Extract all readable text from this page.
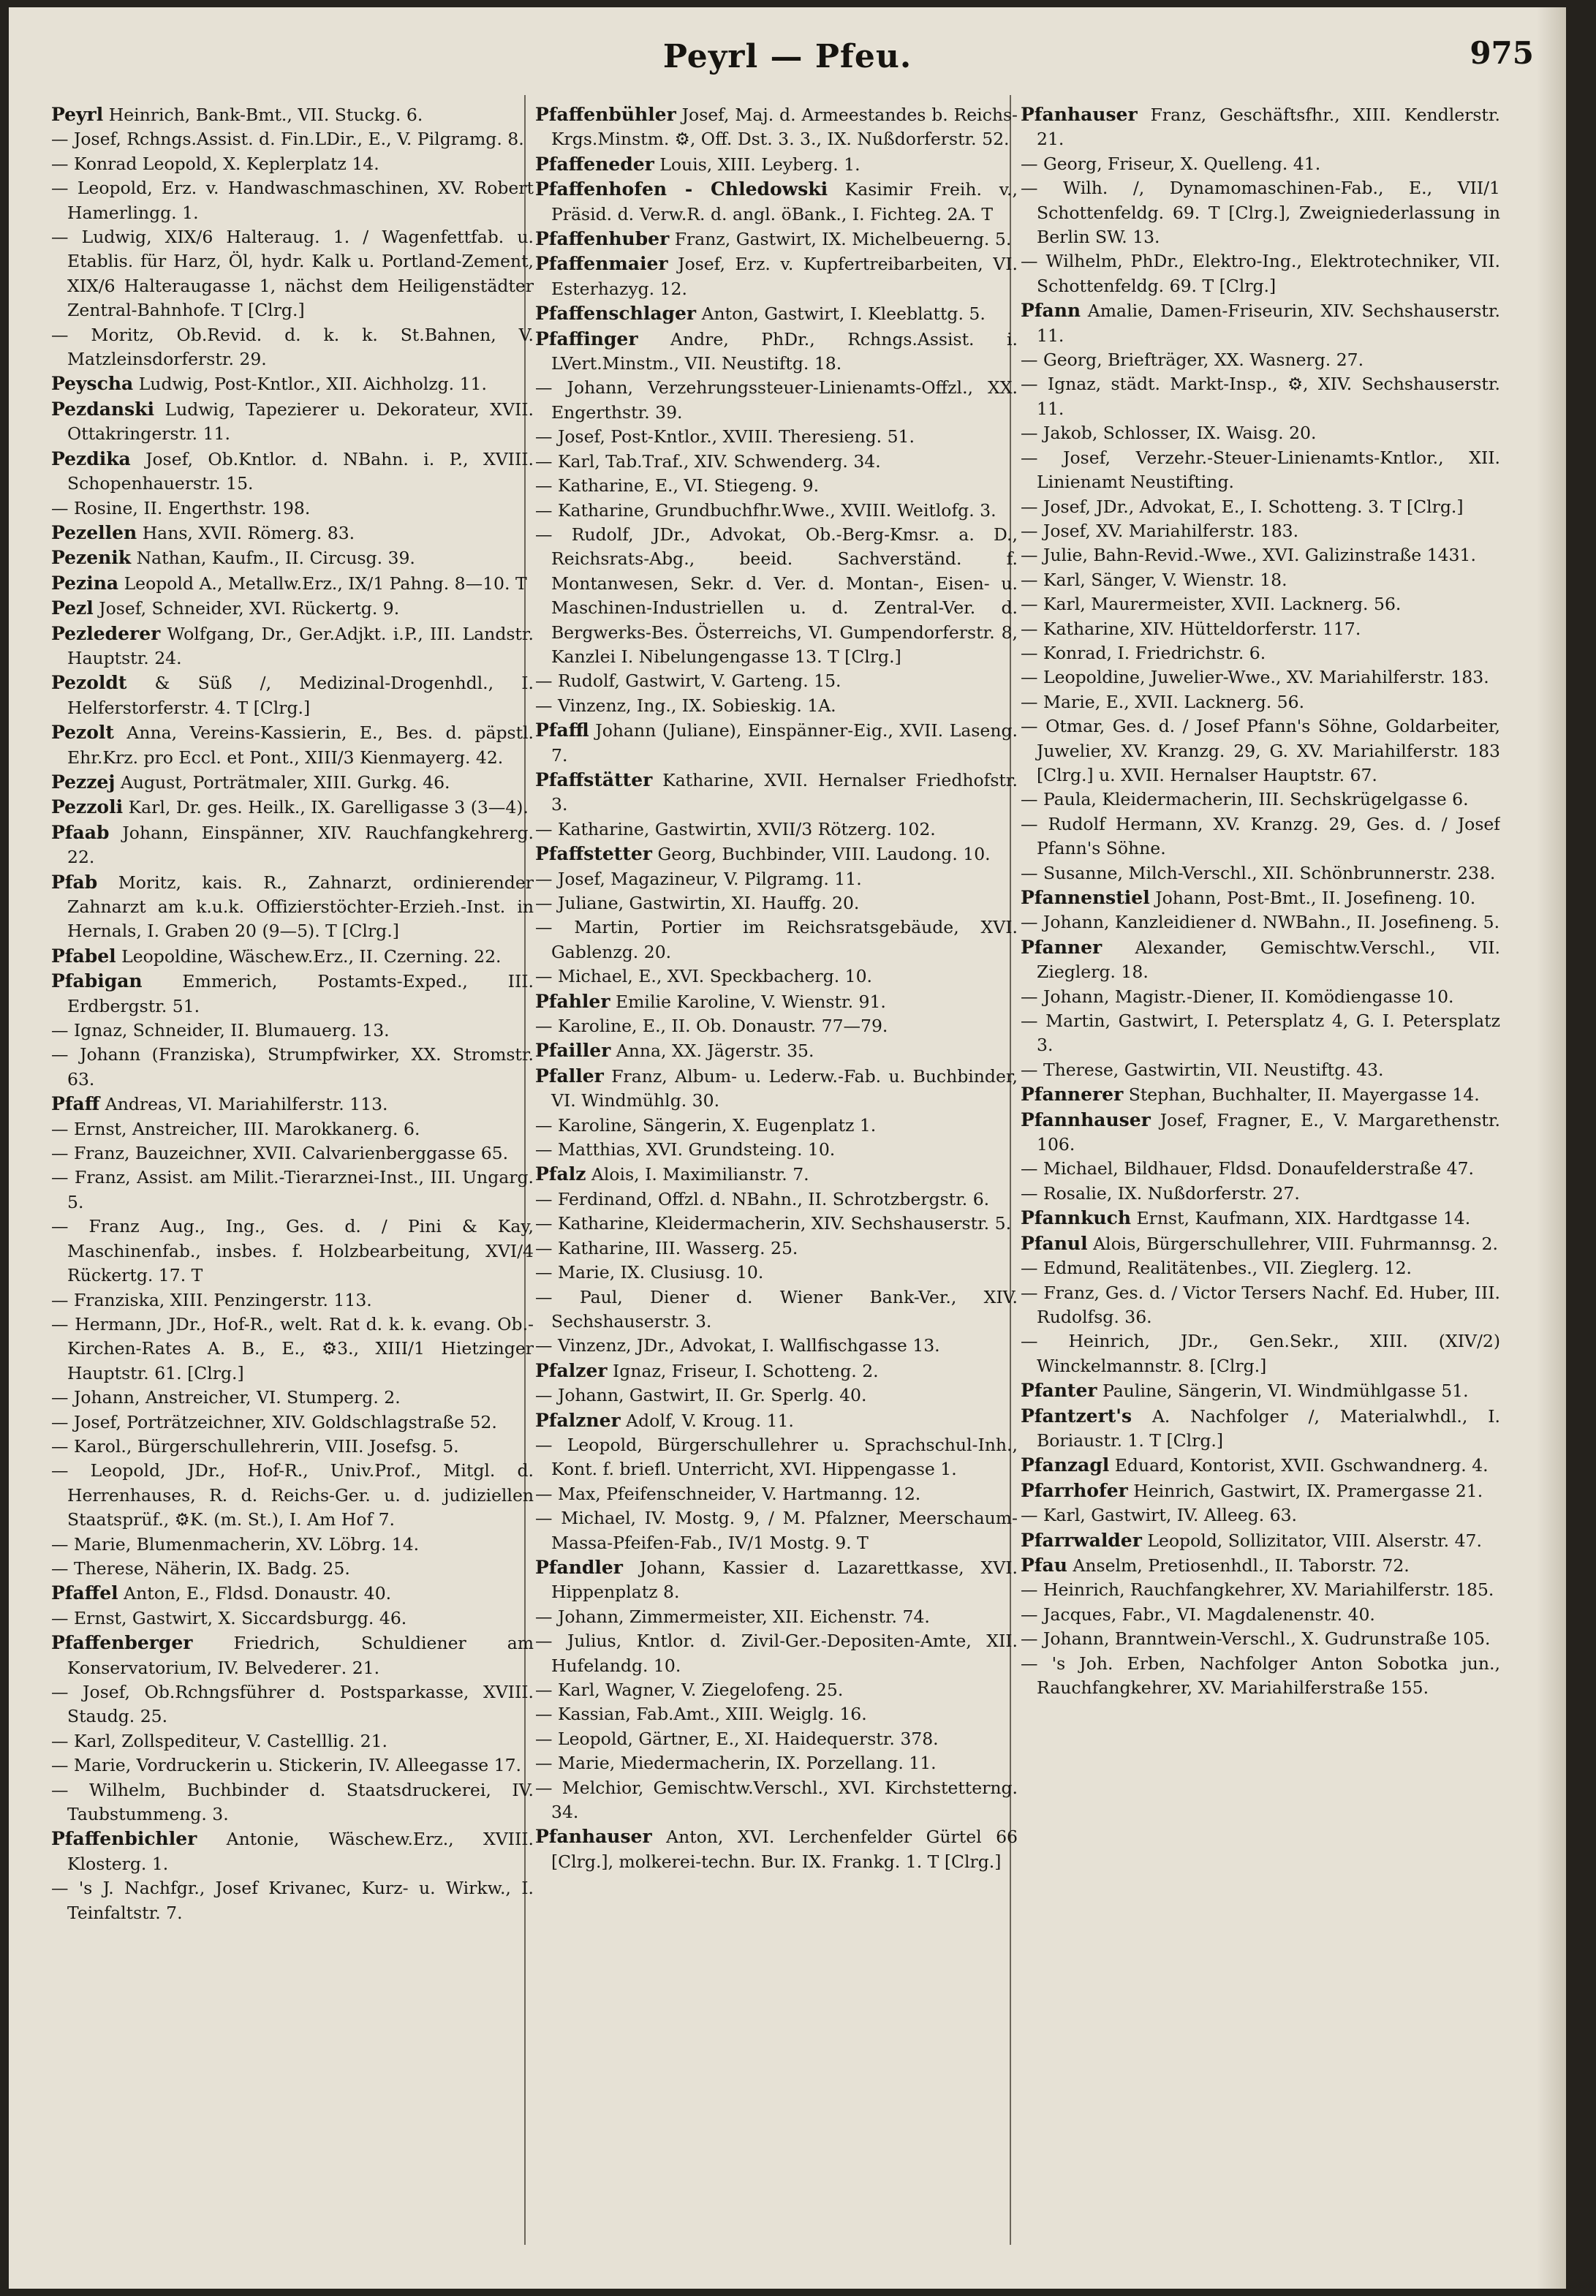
Peyrl — Pfeu.	975

Peyrl Heinrich, Bank-Bmt., VII. Stuckg. 6.

— Josef, Rchngs.Assist. d. Fin.LDir., E., V. Pilgramg. 8.

— Konrad Leopold, X. Keplerplatz 14.

— Leopold, Erz. v. Handwaschmaschinen, XV. Robert Hamerlingg. 1.

— Ludwig, XIX/6 Halteraug. 1. ∕ Wagenfettfab. u. Etablis. für Harz, Öl, hydr. Kalk u. Portland-Zement, XIX/6 Halteraugasse 1, nächst dem Heiligenstädter Zentral-Bahnhofe. T [Clrg.]

— Moritz, Ob.Revid. d. k. k. St.Bahnen, V. Matzleinsdorferstr. 29.

Peyscha Ludwig, Post-Kntlor., XII. Aichholzg. 11.

Pezdanski Ludwig, Tapezierer u. Dekorateur, XVII. Ottakringerstr. 11.

Pezdika Josef, Ob.Kntlor. d. NBahn. i. P., XVIII. Schopenhauerstr. 15.

— Rosine, II. Engerthstr. 198.

Pezellen Hans, XVII. Römerg. 83.

Pezenik Nathan, Kaufm., II. Circusg. 39.

Pezina Leopold A., Metallw.Erz., IX/1 Pahng. 8—10. T

Pezl Josef, Schneider, XVI. Rückertg. 9.

Pezlederer Wolfgang, Dr., Ger.Adjkt. i.P., III. Landstr. Hauptstr. 24.

Pezoldt & Süß ∕, Medizinal-Drogenhdl., I. Helferstorferstr. 4. T [Clrg.]

Pezolt Anna, Vereins-Kassierin, E., Bes. d. päpstl. Ehr.Krz. pro Eccl. et Pont., XIII/3 Kienmayerg. 42.

Pezzej August, Porträtmaler, XIII. Gurkg. 46.

Pezzoli Karl, Dr. ges. Heilk., IX. Garelligasse 3 (3—4).

Pfaab Johann, Einspänner, XIV. Rauchfangkehrerg. 22.

Pfab Moritz, kais. R., Zahnarzt, ordinierender Zahnarzt am k.u.k. Offizierstöchter-Erzieh.-Inst. in Hernals, I. Graben 20 (9—5). T [Clrg.]

Pfabel Leopoldine, Wäschew.Erz., II. Czerning. 22.

Pfabigan Emmerich, Postamts-Exped., III. Erdbergstr. 51.

— Ignaz, Schneider, II. Blumauerg. 13.

— Johann (Franziska), Strumpfwirker, XX. Stromstr. 63.

Pfaff Andreas, VI. Mariahilferstr. 113.

— Ernst, Anstreicher, III. Marokkanerg. 6.

— Franz, Bauzeichner, XVII. Calvarienberggasse 65.

— Franz, Assist. am Milit.-Tierarznei-Inst., III. Ungarg. 5.

— Franz Aug., Ing., Ges. d. ∕ Pini & Kay, Maschinenfab., insbes. f. Holzbearbeitung, XVI/4 Rückertg. 17. T

— Franziska, XIII. Penzingerstr. 113.

— Hermann, JDr., Hof-R., welt. Rat d. k. k. evang. Ob.-Kirchen-Rates A. B., E., ⚙3., XIII/1 Hietzinger Hauptstr. 61. [Clrg.]

— Johann, Anstreicher, VI. Stumperg. 2.

— Josef, Porträtzeichner, XIV. Goldschlagstraße 52.

— Karol., Bürgerschullehrerin, VIII. Josefsg. 5.

— Leopold, JDr., Hof-R., Univ.Prof., Mitgl. d. Herrenhauses, R. d. Reichs-Ger. u. d. judiziellen Staatsprüf., ⚙K. (m. St.), I. Am Hof 7.

— Marie, Blumenmacherin, XV. Löbrg. 14.

— Therese, Näherin, IX. Badg. 25.

Pfaffel Anton, E., Fldsd. Donaustr. 40.

— Ernst, Gastwirt, X. Siccardsburgg. 46.

Pfaffenberger Friedrich, Schuldiener am Konservatorium, IV. Belvederег. 21.

— Josef, Ob.Rchngsführer d. Postsparkasse, XVIII. Staudg. 25.

— Karl, Zollspediteur, V. Castelllig. 21.

— Marie, Vordruckerin u. Stickerin, IV. Alleegasse 17.

— Wilhelm, Buchbinder d. Staatsdruckerei, IV. Taubstummeng. 3.

Pfaffenbichler Antonie, Wäschew.Erz., XVIII. Klosterg. 1.

— 's J. Nachfgr., Josef Krivanec, Kurz- u. Wirkw., I. Teinfaltstr. 7.

Pfaffenbühler Josef, Maj. d. Armeestandes b. Reichs-Krgs.Minstm. ⚙, Off. Dst. 3. 3., IX. Nußdorferstr. 52.

Pfaffeneder Louis, XIII. Leyberg. 1.

Pfaffenhofen - Chledowski Kasimir Freih. v., Präsid. d. Verw.R. d. angl. öBank., I. Fichteg. 2A. T

Pfaffenhuber Franz, Gastwirt, IX. Michelbeuerng. 5.

Pfaffenmaier Josef, Erz. v. Kupfertreibarbeiten, VI. Esterhazyg. 12.

Pfaffenschlager Anton, Gastwirt, I. Kleeblattg. 5.

Pfaffinger Andre, PhDr., Rchngs.Assist. i. LVert.Minstm., VII. Neustiftg. 18.

— Johann, Verzehrungssteuer-Linienamts-Offzl., XX. Engerthstr. 39.

— Josef, Post-Kntlor., XVIII. Theresieng. 51.

— Karl, Tab.Traf., XIV. Schwenderg. 34.

— Katharine, E., VI. Stiegeng. 9.

— Katharine, Grundbuchfhr.Wwe., XVIII. Weitlofg. 3.

— Rudolf, JDr., Advokat, Ob.-Berg-Kmsr. a. D., Reichsrats-Abg., beeid. Sachverständ. f. Montanwesen, Sekr. d. Ver. d. Montan-, Eisen- u. Maschinen-Industriellen u. d. Zentral-Ver. d. Bergwerks-Bes. Österreichs, VI. Gumpendorferstr. 8, Kanzlei I. Nibelungengasse 13. T [Clrg.]

— Rudolf, Gastwirt, V. Garteng. 15.

— Vinzenz, Ing., IX. Sobieskig. 1A.

Pfaffl Johann (Juliane), Einspänner-Eig., XVII. Laseng. 7.

Pfaffstätter Katharine, XVII. Hernalser Friedhofstr. 3.

— Katharine, Gastwirtin, XVII/3 Rötzerg. 102.

Pfaffstetter Georg, Buchbinder, VIII. Laudong. 10.

— Josef, Magazineur, V. Pilgramg. 11.

— Juliane, Gastwirtin, XI. Hauffg. 20.

— Martin, Portier im Reichsratsgebäude, XVI. Gablenzg. 20.

— Michael, E., XVI. Speckbacherg. 10.

Pfahler Emilie Karoline, V. Wienstr. 91.

— Karoline, E., II. Ob. Donaustr. 77—79.

Pfailler Anna, XX. Jägerstr. 35.

Pfaller Franz, Album- u. Lederw.-Fab. u. Buchbinder, VI. Windmühlg. 30.

— Karoline, Sängerin, X. Eugenplatz 1.

— Matthias, XVI. Grundsteing. 10.

Pfalz Alois, I. Maximilianstr. 7.

— Ferdinand, Offzl. d. NBahn., II. Schrotzbergstr. 6.

— Katharine, Kleidermacherin, XIV. Sechshauserstr. 5.

— Katharine, III. Wasserg. 25.

— Marie, IX. Clusiusg. 10.

— Paul, Diener d. Wiener Bank-Ver., XIV. Sechshauserstr. 3.

— Vinzenz, JDr., Advokat, I. Wallfischgasse 13.

Pfalzer Ignaz, Friseur, I. Schotteng. 2.

— Johann, Gastwirt, II. Gr. Sperlg. 40.

Pfalzner Adolf, V. Kroug. 11.

— Leopold, Bürgerschullehrer u. Sprachschul-Inh., Kont. f. briefl. Unterricht, XVI. Hippengasse 1.

— Max, Pfeifenschneider, V. Hartmanng. 12.

— Michael, IV. Mostg. 9, ∕ M. Pfalzner, Meerschaum-Massa-Pfeifen-Fab., IV/1 Mostg. 9. T

Pfandler Johann, Kassier d. Lazarettkasse, XVI. Hippenplatz 8.

— Johann, Zimmermeister, XII. Eichenstr. 74.

— Julius, Kntlor. d. Zivil-Ger.-Depositen-Amte, XII. Hufelandg. 10.

— Karl, Wagner, V. Ziegelofeng. 25.

— Kassian, Fab.Amt., XIII. Weiglg. 16.

— Leopold, Gärtner, E., XI. Haidequerstr. 378.

— Marie, Miedermacherin, IX. Porzellang. 11.

— Melchior, Gemischtw.Verschl., XVI. Kirchstetterng. 34.

Pfanhauser Anton, XVI. Lerchenfelder Gürtel 66 [Clrg.], molkerei-techn. Bur. IX. Frankg. 1. T [Clrg.]

Pfanhauser Franz, Geschäftsfhr., XIII. Kendlerstr. 21.

— Georg, Friseur, X. Quelleng. 41.

— Wilh. ∕, Dynamomaschinen-Fab., E., VII/1 Schottenfeldg. 69. T [Clrg.], Zweigniederlassung in Berlin SW. 13.

— Wilhelm, PhDr., Elektro-Ing., Elektrotechniker, VII. Schottenfeldg. 69. T [Clrg.]

Pfann Amalie, Damen-Friseurin, XIV. Sechshauserstr. 11.

— Georg, Briefträger, XX. Wasnerg. 27.

— Ignaz, städt. Markt-Insp., ⚙, XIV. Sechshauserstr. 11.

— Jakob, Schlosser, IX. Waisg. 20.

— Josef, Verzehr.-Steuer-Linienamts-Kntlor., XII. Linienamt Neustifting.

— Josef, JDr., Advokat, E., I. Schotteng. 3. T [Clrg.]

— Josef, XV. Mariahilferstr. 183.

— Julie, Bahn-Revid.-Wwe., XVI. Galizinstraße 1431.

— Karl, Sänger, V. Wienstr. 18.

— Karl, Maurermeister, XVII. Lacknerg. 56.

— Katharine, XIV. Hütteldorferstr. 117.

— Konrad, I. Friedrichstr. 6.

— Leopoldine, Juwelier-Wwe., XV. Mariahilferstr. 183.

— Marie, E., XVII. Lacknerg. 56.

— Otmar, Ges. d. ∕ Josef Pfann's Söhne, Goldarbeiter, Juwelier, XV. Kranzg. 29, G. XV. Mariahilferstr. 183 [Clrg.] u. XVII. Hernalser Hauptstr. 67.

— Paula, Kleidermacherin, III. Sechskrügelgasse 6.

— Rudolf Hermann, XV. Kranzg. 29, Ges. d. ∕ Josef Pfann's Söhne.

— Susanne, Milch-Verschl., XII. Schönbrunnerstr. 238.

Pfannenstiel Johann, Post-Bmt., II. Josefineng. 10.

— Johann, Kanzleidiener d. NWBahn., II. Josefineng. 5.

Pfanner Alexander, Gemischtw.Verschl., VII. Zieglerg. 18.

— Johann, Magistr.-Diener, II. Komödiengasse 10.

— Martin, Gastwirt, I. Petersplatz 4, G. I. Petersplatz 3.

— Therese, Gastwirtin, VII. Neustiftg. 43.

Pfannerer Stephan, Buchhalter, II. Mayergasse 14.

Pfannhauser Josef, Fragner, E., V. Margarethenstr. 106.

— Michael, Bildhauer, Fldsd. Donaufelderstraße 47.

— Rosalie, IX. Nußdorferstr. 27.

Pfannkuch Ernst, Kaufmann, XIX. Hardtgasse 14.

Pfanul Alois, Bürgerschullehrer, VIII. Fuhrmannsg. 2.

— Edmund, Realitätenbes., VII. Zieglerg. 12.

— Franz, Ges. d. ∕ Victor Tersers Nachf. Ed. Huber, III. Rudolfsg. 36.

— Heinrich, JDr., Gen.Sekr., XIII. (XIV/2) Winckelmannstr. 8. [Clrg.]

Pfanter Pauline, Sängerin, VI. Windmühlgasse 51.

Pfantzert's A. Nachfolger ∕, Materialwhdl., I. Boriaustr. 1. T [Clrg.]

Pfanzagl Eduard, Kontorist, XVII. Gschwandnerg. 4.

Pfarrhofer Heinrich, Gastwirt, IX. Pramergasse 21.

— Karl, Gastwirt, IV. Alleeg. 63.

Pfarrwalder Leopold, Sollizitator, VIII. Alserstr. 47.

Pfau Anselm, Pretiosenhdl., II. Taborstr. 72.

— Heinrich, Rauchfangkehrer, XV. Mariahilferstr. 185.

— Jacques, Fabr., VI. Magdalenenstr. 40.

— Johann, Branntwein-Verschl., X. Gudrunstraße 105.

— 's Joh. Erben, Nachfolger Anton Sobotka jun., Rauchfangkehrer, XV. Mariahilferstraße 155.
